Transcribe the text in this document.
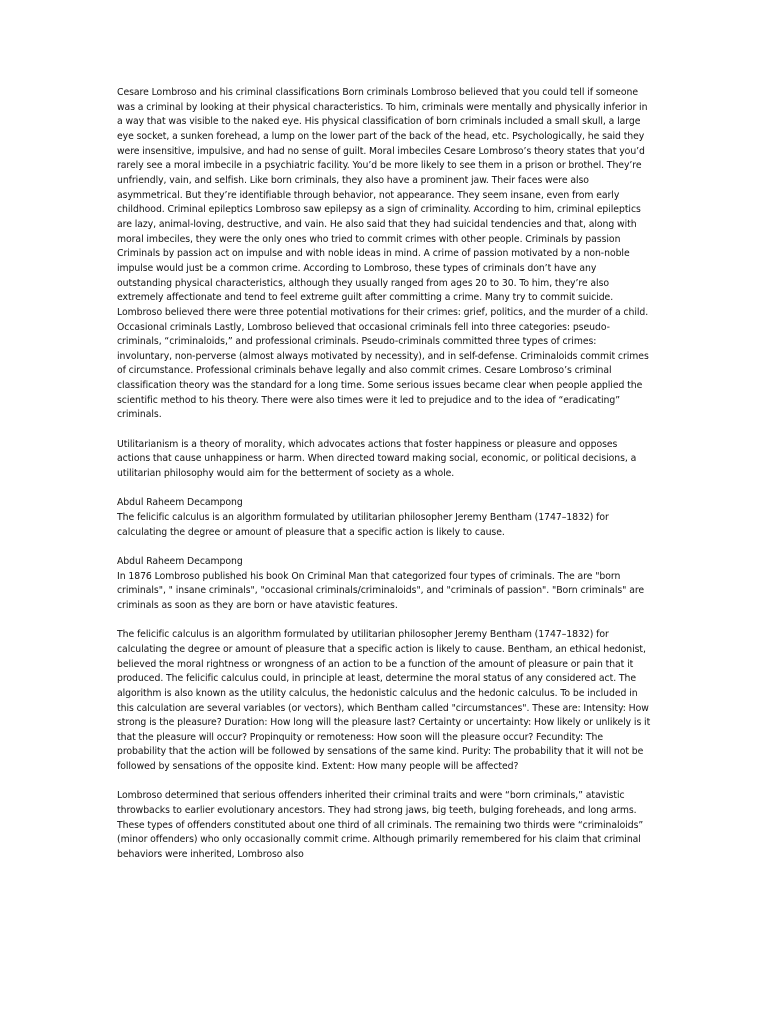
Cesare Lombroso and his criminal classifications Born criminals Lombroso believed that you could tell if someone was a criminal by looking at their physical characteristics. To him, criminals were mentally and physically inferior in a way that was visible to the naked eye. His physical classification of born criminals included a small skull, a large eye socket, a sunken forehead, a lump on the lower part of the back of the head, etc. Psychologically, he said they were insensitive, impulsive, and had no sense of guilt. Moral imbeciles Cesare Lombroso’s theory states that you’d rarely see a moral imbecile in a psychiatric facility. You’d be more likely to see them in a prison or brothel. They’re unfriendly, vain, and selfish. Like born criminals, they also have a prominent jaw. Their faces were also asymmetrical. But they’re identifiable through behavior, not appearance. They seem insane, even from early childhood. Criminal epileptics Lombroso saw epilepsy as a sign of criminality. According to him, criminal epileptics are lazy, animal-loving, destructive, and vain. He also said that they had suicidal tendencies and that, along with moral imbeciles, they were the only ones who tried to commit crimes with other people. Criminals by passion Criminals by passion act on impulse and with noble ideas in mind. A crime of passion motivated by a non-noble impulse would just be a common crime. According to Lombroso, these types of criminals don’t have any outstanding physical characteristics, although they usually ranged from ages 20 to 30. To him, they’re also extremely affectionate and tend to feel extreme guilt after committing a crime. Many try to commit suicide. Lombroso believed there were three potential motivations for their crimes: grief, politics, and the murder of a child. Occasional criminals Lastly, Lombroso believed that occasional criminals fell into three categories: pseudo-criminals, “criminaloids,” and professional criminals. Pseudo-criminals committed three types of crimes: involuntary, non-perverse (almost always motivated by necessity), and in self-defense. Criminaloids commit crimes of circumstance. Professional criminals behave legally and also commit crimes. Cesare Lombroso’s criminal classification theory was the standard for a long time. Some serious issues became clear when people applied the scientific method to his theory. There were also times were it led to prejudice and to the idea of “eradicating” criminals.

Utilitarianism is a theory of morality, which advocates actions that foster happiness or pleasure and opposes actions that cause unhappiness or harm. When directed toward making social, economic, or political decisions, a utilitarian philosophy would aim for the betterment of society as a whole.

Abdul Raheem Decampong
The felicific calculus is an algorithm formulated by utilitarian philosopher Jeremy Bentham (1747–1832) for calculating the degree or amount of pleasure that a specific action is likely to cause.
Abdul Raheem Decampong
In 1876 Lombroso published his book On Criminal Man that categorized four types of criminals. The are "born criminals", " insane criminals", "occasional criminals/criminaloids", and "criminals of passion". "Born criminals" are criminals as soon as they are born or have atavistic features.

The felicific calculus is an algorithm formulated by utilitarian philosopher Jeremy Bentham (1747–1832) for calculating the degree or amount of pleasure that a specific action is likely to cause. Bentham, an ethical hedonist, believed the moral rightness or wrongness of an action to be a function of the amount of pleasure or pain that it produced. The felicific calculus could, in principle at least, determine the moral status of any considered act. The algorithm is also known as the utility calculus, the hedonistic calculus and the hedonic calculus. To be included in this calculation are several variables (or vectors), which Bentham called "circumstances". These are: Intensity: How strong is the pleasure? Duration: How long will the pleasure last? Certainty or uncertainty: How likely or unlikely is it that the pleasure will occur? Propinquity or remoteness: How soon will the pleasure occur? Fecundity: The probability that the action will be followed by sensations of the same kind. Purity: The probability that it will not be followed by sensations of the opposite kind. Extent: How many people will be affected?

Lombroso determined that serious offenders inherited their criminal traits and were “born criminals,” atavistic throwbacks to earlier evolutionary ancestors. They had strong jaws, big teeth, bulging foreheads, and long arms. These types of offenders constituted about one third of all criminals. The remaining two thirds were “criminaloids” (minor offenders) who only occasionally commit crime. Although primarily remembered for his claim that criminal behaviors were inherited, Lombroso also
